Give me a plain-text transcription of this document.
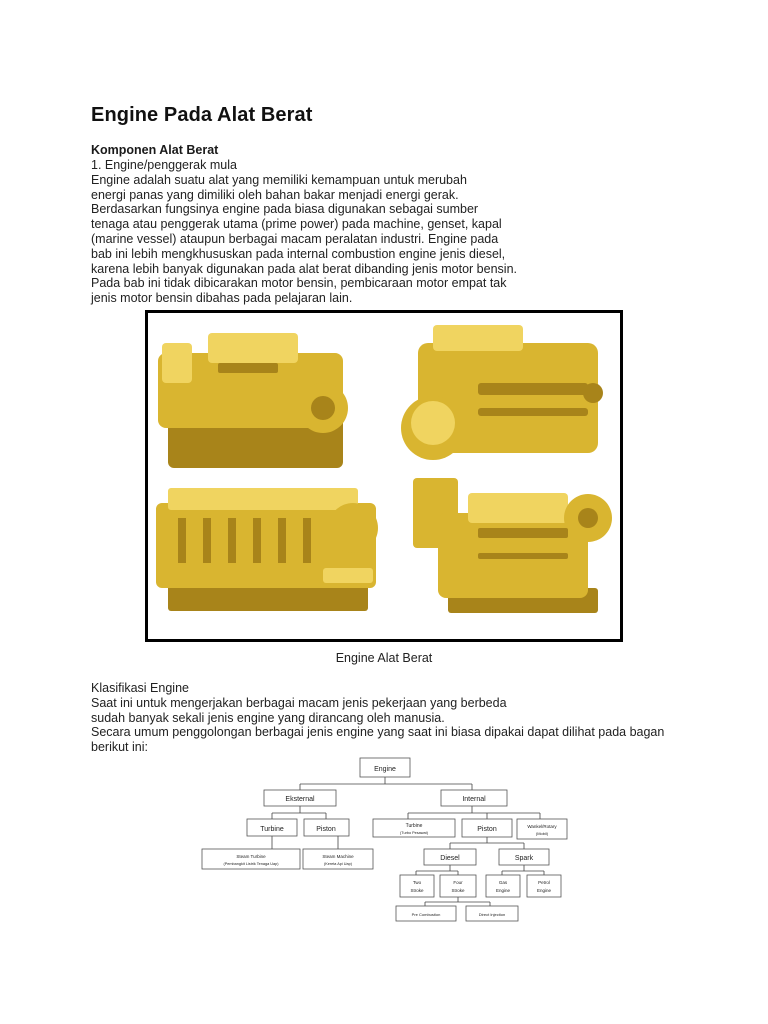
Engine Pada Alat Berat
Komponen Alat Berat
1. Engine/penggerak mula
Engine adalah suatu alat yang memiliki kemampuan untuk merubah
energi panas yang dimiliki oleh bahan bakar menjadi energi gerak.
Berdasarkan fungsinya engine pada biasa digunakan sebagai sumber
tenaga atau penggerak utama (prime power) pada machine, genset, kapal
(marine vessel) ataupun berbagai macam peralatan industri. Engine pada
bab ini lebih mengkhususkan pada internal combustion engine jenis diesel,
karena lebih banyak digunakan pada alat berat dibanding jenis motor bensin.
Pada bab ini tidak dibicarakan motor bensin, pembicaraan motor empat tak
jenis motor bensin dibahas pada pelajaran lain.
Engine Alat Berat
Klasifikasi Engine
Saat ini untuk mengerjakan berbagai macam jenis pekerjaan yang berbeda
sudah banyak sekali jenis engine yang dirancang oleh manusia.
Secara umum penggolongan berbagai jenis engine yang saat ini biasa dipakai dapat dilihat pada bagan
berikut ini:
Engine
Eksternal	Internal
Turbine	Piston
Steam Turbine
(Pembangkit Listrik Tenaga Uap)
Steam Machine
(Kereta Api Uap)
Turbine
(Turbo Pesawat)	Piston	Wankel/Rotary
(Mobil)
Diesel	Spark
Two
Stroke
Four
Stroke
Gas
Engine
Petrol
Engine
Pre Combustion	Direct Injection
